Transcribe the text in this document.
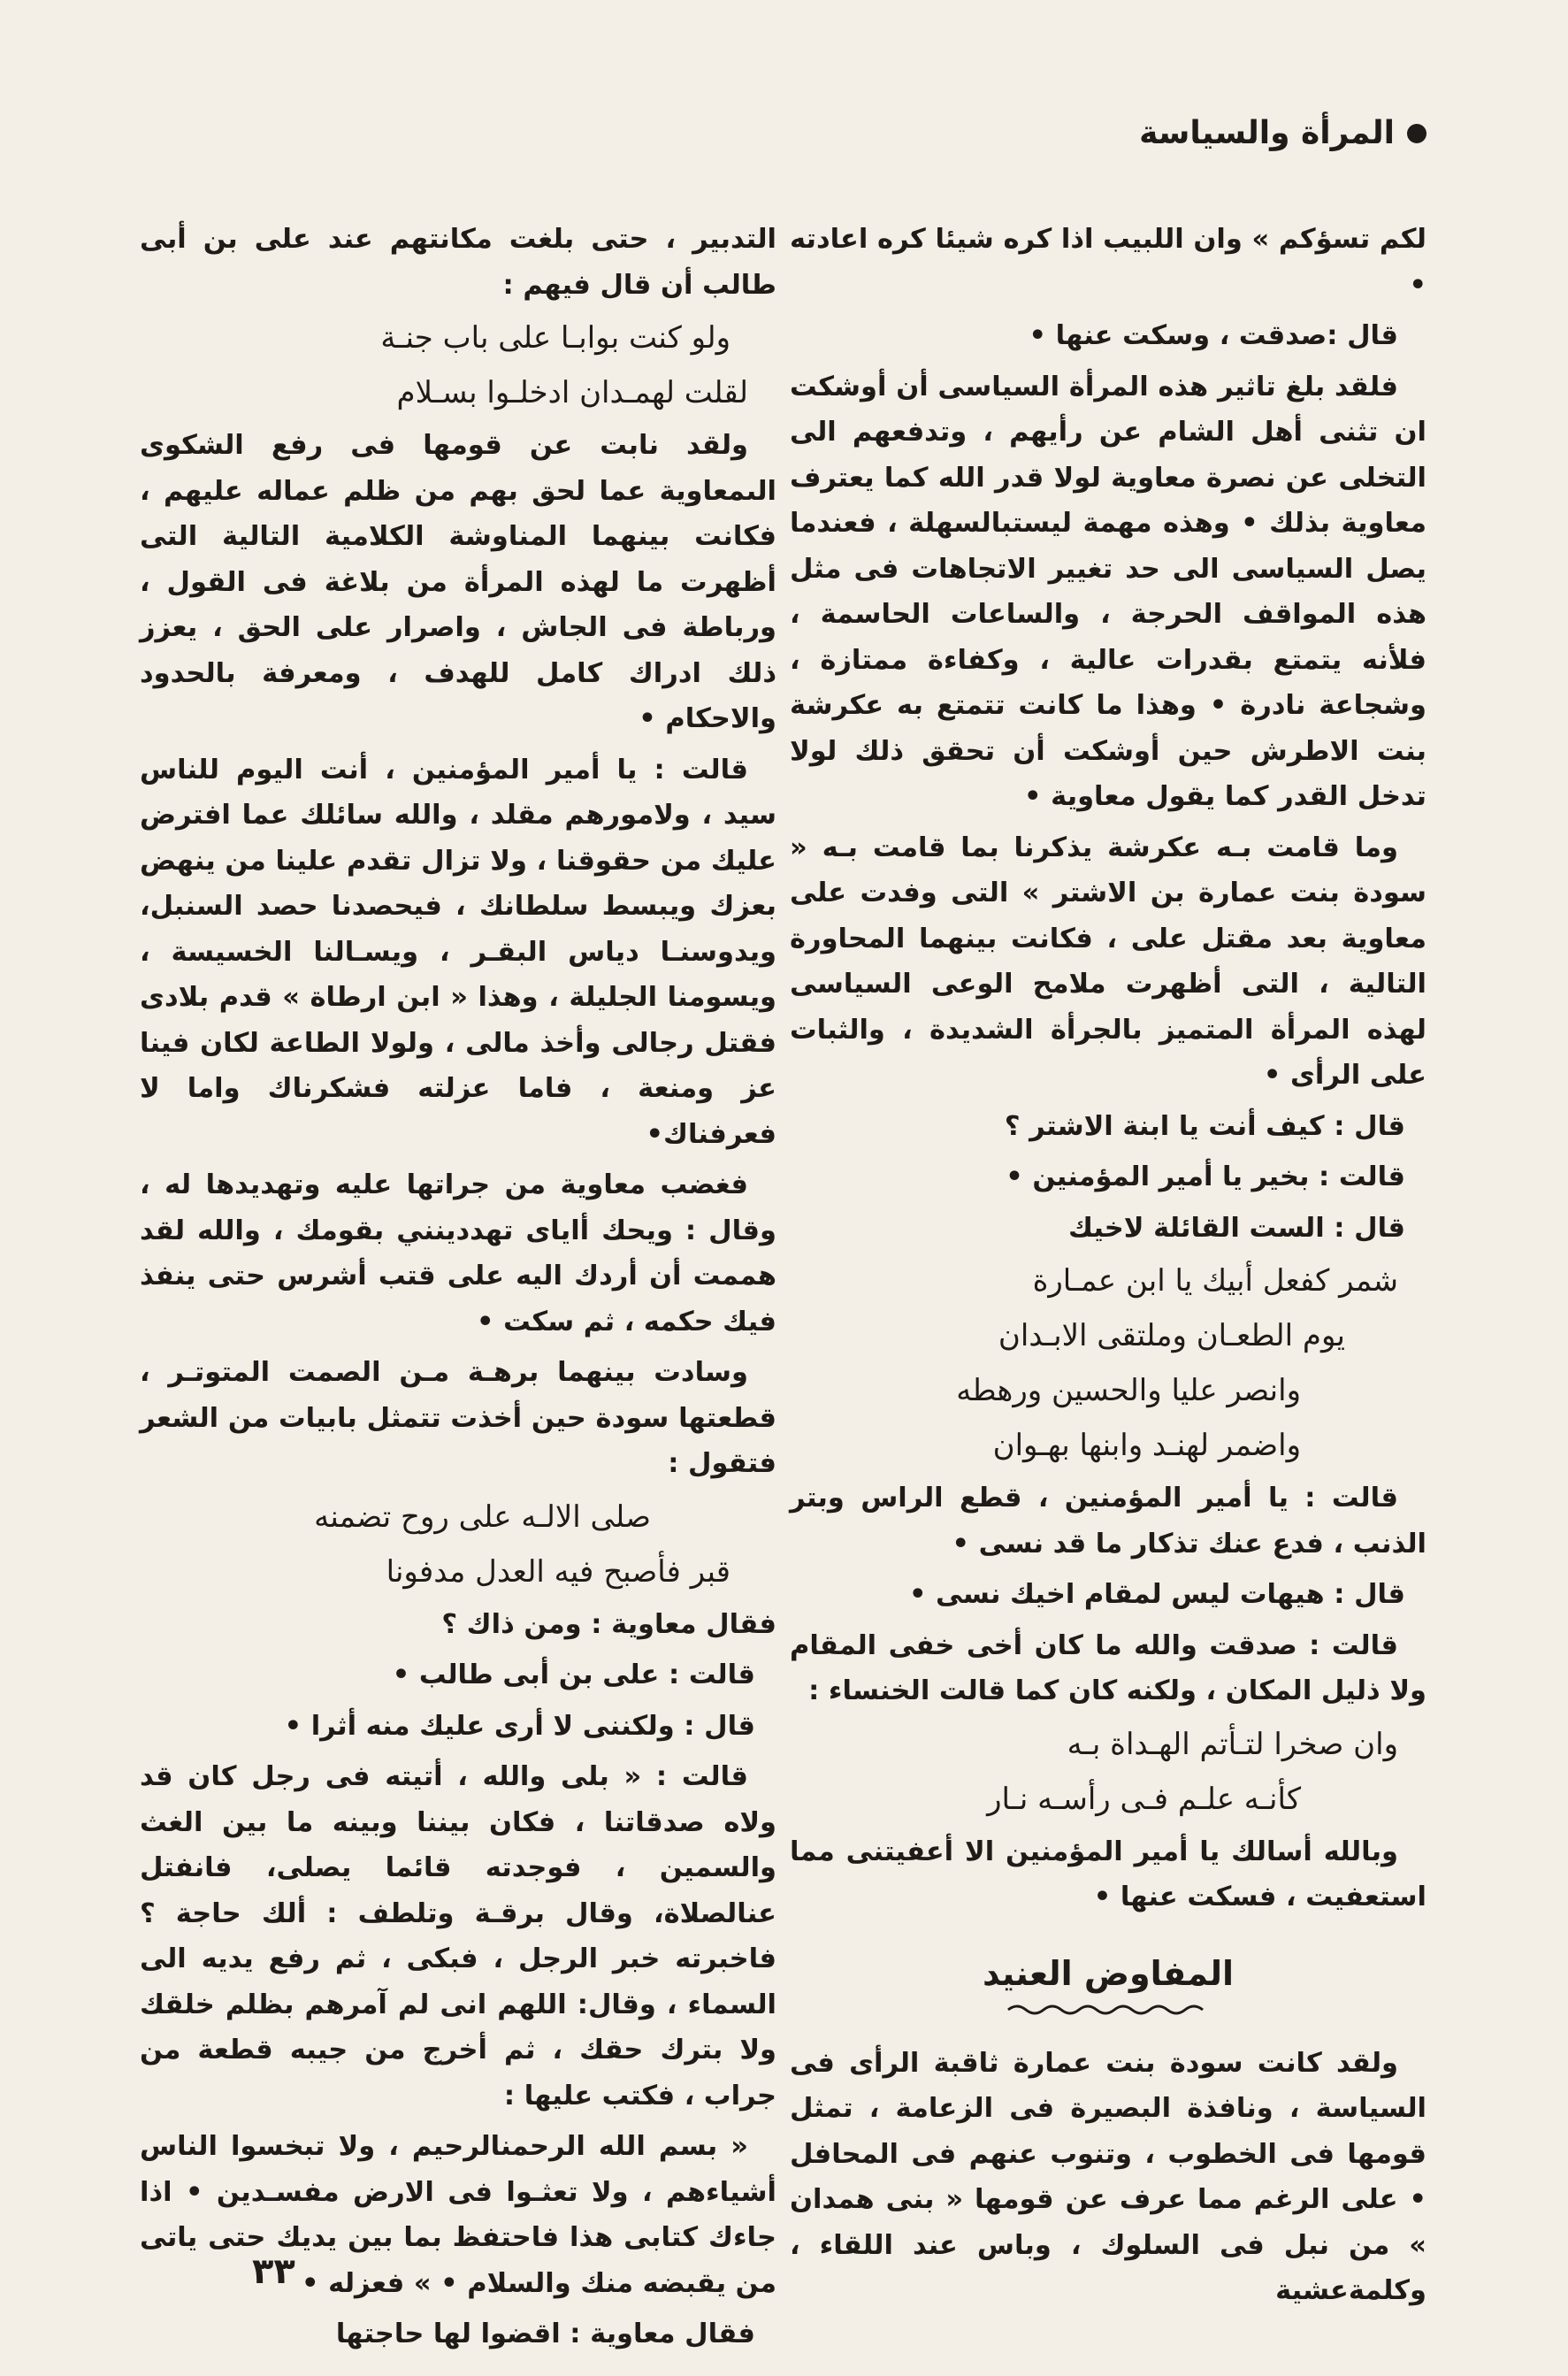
المرأة والسياسة

لكم تسؤكم » وان اللبيب اذا كره شيئا كره اعادته •

قال :صدقت ، وسكت عنها •

فلقد بلغ تاثير هذه المرأة السياسى أن أوشكت ان تثنى أهل الشام عن رأيهم ، وتدفعهم الى التخلى عن نصرة معاوية لولا قدر الله كما يعترف معاوية بذلك • وهذه مهمة ليستبالسهلة ، فعندما يصل السياسى الى حد تغيير الاتجاهات فى مثل هذه المواقف الحرجة ، والساعات الحاسمة ، فلأنه يتمتع بقدرات عالية ، وكفاءة ممتازة ، وشجاعة نادرة • وهذا ما كانت تتمتع به عكرشة بنت الاطرش حين أوشكت أن تحقق ذلك لولا تدخل القدر كما يقول معاوية •

وما قامت بـه عكرشة يذكرنا بما قامت بـه « سودة بنت عمارة بن الاشتر » التى وفدت على معاوية بعد مقتل على ، فكانت بينهما المحاورة التالية ، التى أظهرت ملامح الوعى السياسى لهذه المرأة المتميز بالجرأة الشديدة ، والثبات على الرأى •

قال : كيف أنت يا ابنة الاشتر ؟

قالت : بخير يا أمير المؤمنين •

قال : الست القائلة لاخيك

شمر كفعل أبيك يا ابن عمـارة

يوم الطعـان وملتقى الابـدان

وانصر عليا والحسين ورهطه

واضمر لهنـد وابنها بهـوان

قالت : يا أمير المؤمنين ، قطع الراس وبتر الذنب ، فدع عنك تذكار ما قد نسى •

قال : هيهات ليس لمقام اخيك نسى •

قالت : صدقت والله ما كان أخى خفى المقام ولا ذليل المكان ، ولكنه كان كما قالت الخنساء :

وان صخرا لتـأتم الهـداة بـه

كأنـه علـم فـى رأسـه نـار

وبالله أسالك يا أمير المؤمنين الا أعفيتنى مما استعفيت ، فسكت عنها •

المفاوض العنيد

ولقد كانت سودة بنت عمارة ثاقبة الرأى فى السياسة ، ونافذة البصيرة فى الزعامة ، تمثل قومها فى الخطوب ، وتنوب عنهم فى المحافل • على الرغم مما عرف عن قومها « بنى همدان » من نبل فى السلوك ، وباس عند اللقاء ، وكلمةعشية

التدبير ، حتى بلغت مكانتهم عند على بن أبى طالب أن قال فيهم :

ولو كنت بوابـا على باب جنـة

لقلت لهمـدان ادخلـوا بسـلام

ولقد نابت عن قومها فى رفع الشكوى الىمعاوية عما لحق بهم من ظلم عماله عليهم ، فكانت بينهما المناوشة الكلامية التالية التى أظهرت ما لهذه المرأة من بلاغة فى القول ، ورباطة فى الجاش ، واصرار على الحق ، يعزز ذلك ادراك كامل للهدف ، ومعرفة بالحدود والاحكام •

قالت : يا أمير المؤمنين ، أنت اليوم للناس سيد ، ولامورهم مقلد ، والله سائلك عما افترض عليك من حقوقنا ، ولا تزال تقدم علينا من ينهض بعزك ويبسط سلطانك ، فيحصدنا حصد السنبل، ويدوسنـا دياس البقـر ، ويسـالنا الخسيسة ، ويسومنا الجليلة ، وهذا « ابن ارطاة » قدم بلادى فقتل رجالى وأخذ مالى ، ولولا الطاعة لكان فينا عز ومنعة ، فاما عزلته فشكرناك واما لا فعرفناك•

فغضب معاوية من جراتها عليه وتهديدها له ، وقال : ويحك أاياى تهددينني بقومك ، والله لقد هممت أن أردك اليه على قتب أشرس حتى ينفذ فيك حكمه ، ثم سكت •

وسادت بينهما برهـة مـن الصمت المتوتـر ، قطعتها سودة حين أخذت تتمثل بابيات من الشعر فتقول :

صلى الالـه على روح تضمنه

قبر فأصبح فيه العدل مدفونا

فقال معاوية : ومن ذاك ؟

قالت : على بن أبى طالب •

قال : ولكننى لا أرى عليك منه أثرا •

قالت : « بلى والله ، أتيته فى رجل كان قد ولاه صدقاتنا ، فكان بيننا وبينه ما بين الغث والسمين ، فوجدته قائما يصلى، فانفتل عنالصلاة، وقال برقـة وتلطف : ألك حاجة ؟ فاخبرته خبر الرجل ، فبكى ، ثم رفع يديه الى السماء ، وقال: اللهم انى لم آمرهم بظلم خلقك ولا بترك حقك ، ثم أخرج من جيبه قطعة من جراب ، فكتب عليها :

« بسم الله الرحمنالرحيم ، ولا تبخسوا الناس أشياءهم ، ولا تعثـوا فى الارض مفسـدين • اذا جاءك كتابى هذا فاحتفظ بما بين يديك حتى ياتى من يقبضه منك والسلام • » فعزله •

فقال معاوية : اقضوا لها حاجتها

٣٣
